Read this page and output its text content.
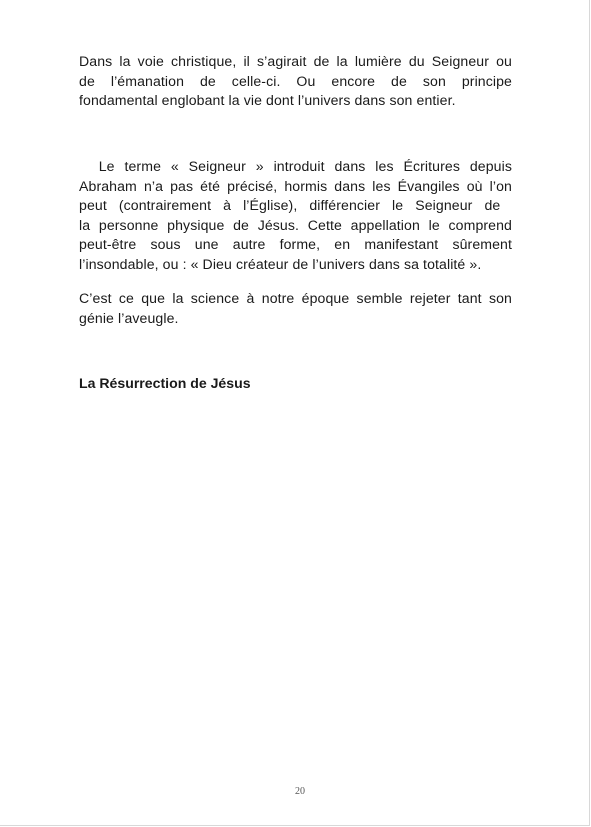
Dans la voie christique, il s’agirait de la lumière du Seigneur ou
de l’émanation de celle-ci. Ou encore de son principe
fondamental englobant la vie dont l’univers dans son entier.
Le terme « Seigneur » introduit dans les Écritures depuis
Abraham n’a pas été précisé, hormis dans les Évangiles où l’on
peut (contrairement à l’Église), différencier le Seigneur de
la personne physique de Jésus. Cette appellation le comprend
peut-être sous une autre forme, en manifestant sûrement
l’insondable, ou : « Dieu créateur de l’univers dans sa totalité ».
C’est ce que la science à notre époque semble rejeter tant son
génie l’aveugle.
La Résurrection de Jésus
20
